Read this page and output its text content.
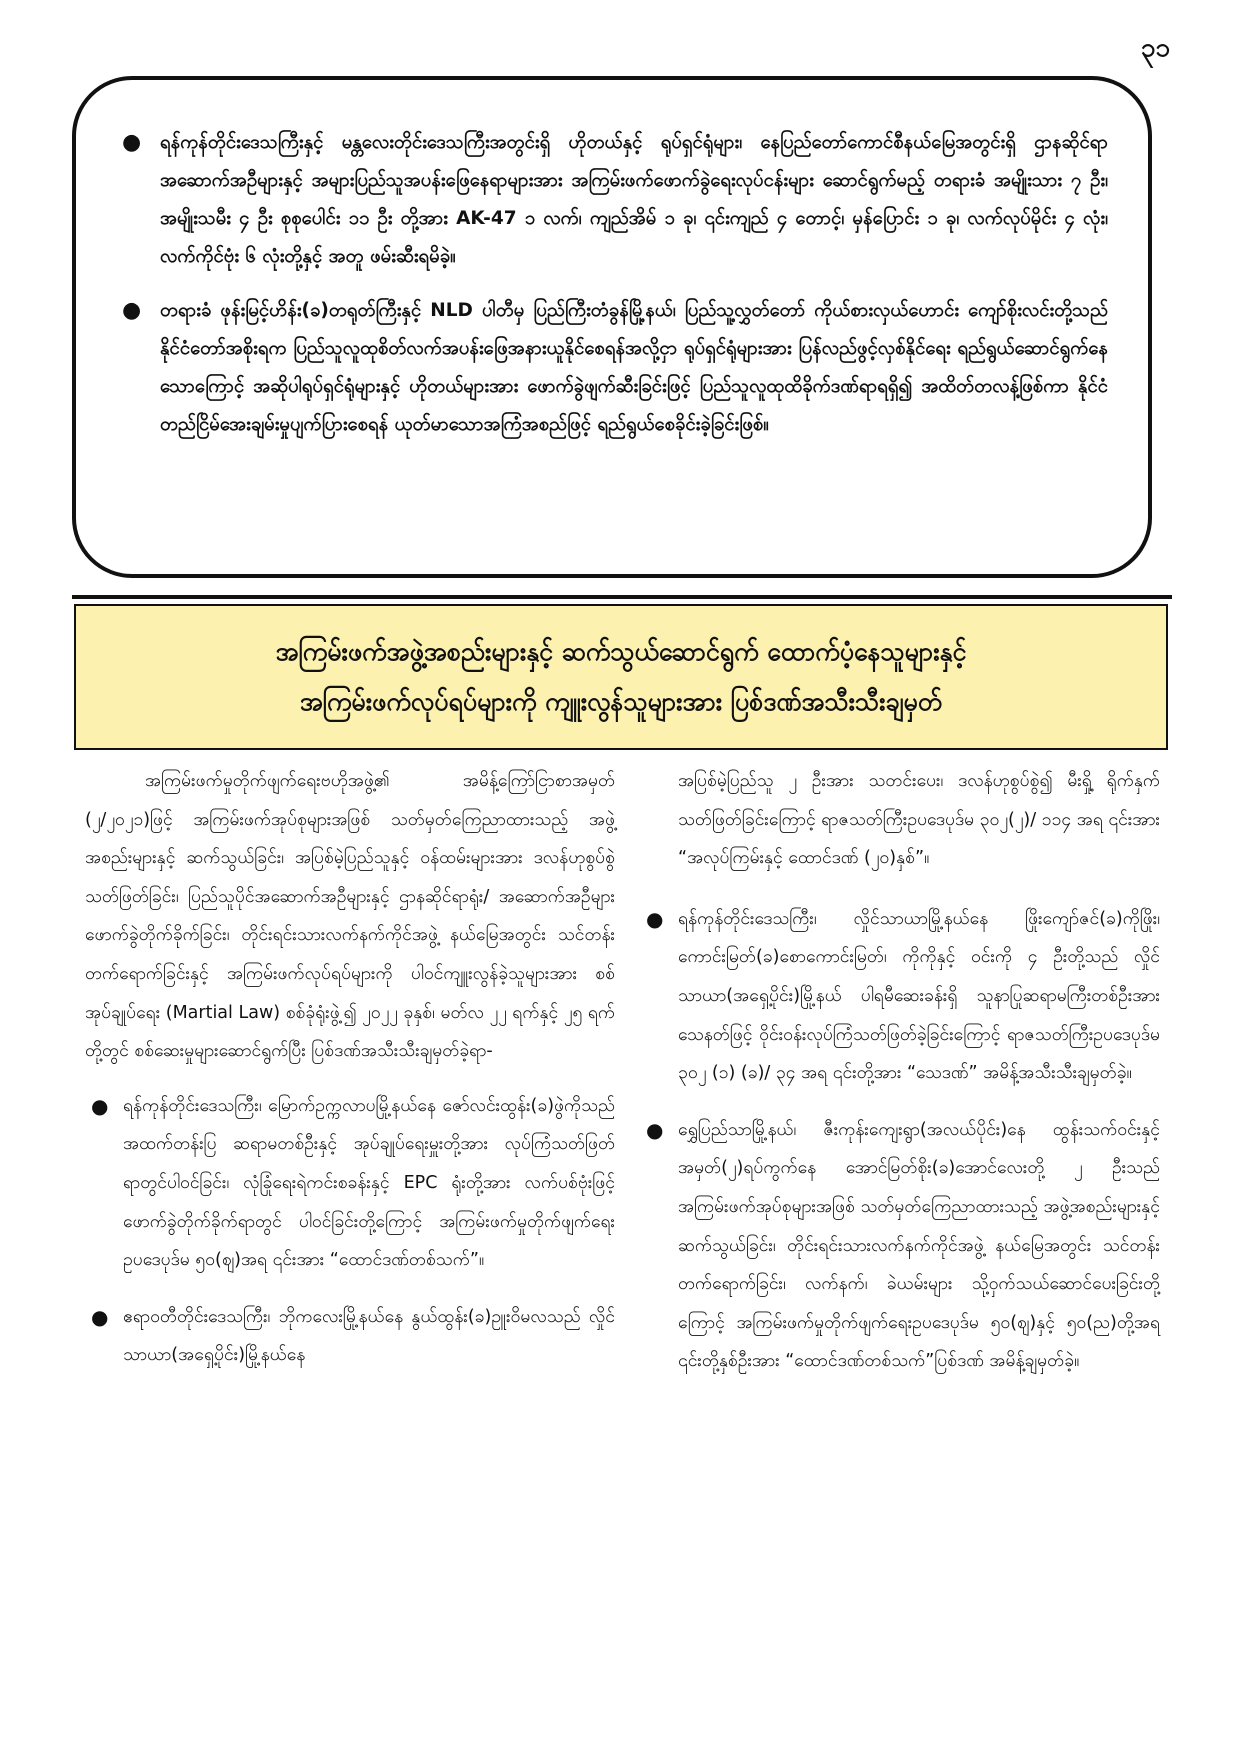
၃၁
● ရန်ကုန်တိုင်းဒေသကြီးနှင့် မန္တလေးတိုင်းဒေသကြီးအတွင်းရှိ ဟိုတယ်နှင့် ရုပ်ရှင်ရုံများ၊ နေပြည်တော်ကောင်စီနယ်မြေအတွင်းရှိ ဌာနဆိုင်ရာ အဆောက်အဦများနှင့် အများပြည်သူအပန်းဖြေနေရာများအား အကြမ်းဖက်ဖောက်ခွဲရေးလုပ်ငန်းများ ဆောင်ရွက်မည့် တရားခံ အမျိုးသား ၇ ဦး၊ အမျိုးသမီး ၄ ဦး စုစုပေါင်း ၁၁ ဦး တို့အား AK-47 ၁ လက်၊ ကျည်အိမ် ၁ ခု၊ ၎င်းကျည် ၄ တောင့်၊ မှန်ပြောင်း ၁ ခု၊ လက်လုပ်မိုင်း ၄ လုံး၊ လက်ကိုင်ဗုံး ၆ လုံးတို့နှင့် အတူ ဖမ်းဆီးရမိခဲ့။
● တရားခံ ဖုန်းမြင့်ဟိန်း(ခ)တရုတ်ကြီးနှင့် NLD ပါတီမှ ပြည်ကြီးတံခွန်မြို့နယ်၊ ပြည်သူ့လွှတ်တော် ကိုယ်စားလှယ်ဟောင်း ကျော်စိုးလင်းတို့သည် နိုင်ငံတော်အစိုးရက ပြည်သူလူထုစိတ်လက်အပန်းဖြေအနားယူနိုင်စေရန်အလို့ငှာ ရုပ်ရှင်ရုံများအား ပြန်လည်ဖွင့်လှစ်နိုင်ရေး ရည်ရွယ်ဆောင်ရွက်နေသောကြောင့် အဆိုပါရုပ်ရှင်ရုံများနှင့် ဟိုတယ်များအား ဖောက်ခွဲဖျက်ဆီးခြင်းဖြင့် ပြည်သူလူထုထိခိုက်ဒဏ်ရာရရှိ၍ အထိတ်တလန့်ဖြစ်ကာ နိုင်ငံတည်ငြိမ်အေးချမ်းမှုပျက်ပြားစေရန် ယုတ်မာသောအကြံအစည်ဖြင့် ရည်ရွယ်စေခိုင်းခဲ့ခြင်းဖြစ်။
အကြမ်းဖက်အဖွဲ့အစည်းများနှင့် ဆက်သွယ်ဆောင်ရွက် ထောက်ပံ့နေသူများနှင့်
အကြမ်းဖက်လုပ်ရပ်များကို ကျူးလွန်သူများအား ပြစ်ဒဏ်အသီးသီးချမှတ်

အကြမ်းဖက်မှုတိုက်ဖျက်ရေးဗဟိုအဖွဲ့၏ အမိန့်ကြော်ငြာစာအမှတ် (၂/၂၀၂၁)ဖြင့် အကြမ်းဖက်အုပ်စုများအဖြစ် သတ်မှတ်ကြေညာထားသည့် အဖွဲ့အစည်းများနှင့် ဆက်သွယ်ခြင်း၊ အပြစ်မဲ့ပြည်သူနှင့် ဝန်ထမ်းများအား ဒလန်ဟုစွပ်စွဲသတ်ဖြတ်ခြင်း၊ ပြည်သူပိုင်အဆောက်အဦများနှင့် ဌာနဆိုင်ရာရုံး/ အဆောက်အဦများ ဖောက်ခွဲတိုက်ခိုက်ခြင်း၊ တိုင်းရင်းသားလက်နက်ကိုင်အဖွဲ့ နယ်မြေအတွင်း သင်တန်းတက်ရောက်ခြင်းနှင့် အကြမ်းဖက်လုပ်ရပ်များကို ပါဝင်ကျူးလွန်ခဲ့သူများအား စစ်အုပ်ချုပ်ရေး (Martial Law) စစ်ခုံရုံးဖွဲ့၍ ၂၀၂၂ ခုနှစ်၊ မတ်လ ၂၂ ရက်နှင့် ၂၅ ရက်တို့တွင် စစ်ဆေးမှုများဆောင်ရွက်ပြီး ပြစ်ဒဏ်အသီးသီးချမှတ်ခဲ့ရာ-

● ရန်ကုန်တိုင်းဒေသကြီး၊ မြောက်ဥက္ကလာပမြို့နယ်နေ ဇော်လင်းထွန်း(ခ)ဖွဲကိုသည် အထက်တန်းပြ ဆရာမတစ်ဦးနှင့် အုပ်ချုပ်ရေးမှူးတို့အား လုပ်ကြံသတ်ဖြတ်ရာတွင်ပါဝင်ခြင်း၊ လုံခြုံရေးရဲကင်းစခန်းနှင့် EPC ရုံးတို့အား လက်ပစ်ဗုံးဖြင့် ဖောက်ခွဲတိုက်ခိုက်ရာတွင် ပါဝင်ခြင်းတို့ကြောင့် အကြမ်းဖက်မှုတိုက်ဖျက်ရေး ဥပဒေပုဒ်မ ၅၀(ဈ)အရ ၎င်းအား “ထောင်ဒဏ်တစ်သက်”။
● ဧရာဝတီတိုင်းဒေသကြီး၊ ဘိုကလေးမြို့နယ်နေ နွယ်ထွန်း(ခ)ဥူးဝိမလသည် လှိုင်သာယာ(အရှေ့ပိုင်း)မြို့နယ်နေ

အပြစ်မဲ့ပြည်သူ ၂ ဦးအား သတင်းပေး၊ ဒလန်ဟုစွပ်စွဲ၍ မီးရှို့ ရိုက်နှက်သတ်ဖြတ်ခြင်းကြောင့် ရာဇသတ်ကြီးဥပဒေပုဒ်မ ၃၀၂(၂)/ ၁၁၄ အရ ၎င်းအား “အလုပ်ကြမ်းနှင့် ထောင်ဒဏ် (၂၀)နှစ်”။

● ရန်ကုန်တိုင်းဒေသကြီး၊ လှိုင်သာယာမြို့နယ်နေ ဖြိုးကျော်ဇင်(ခ)ကိုဖြိုး၊ ကောင်းမြတ်(ခ)စောကောင်းမြတ်၊ ကိုကိုနှင့် ဝင်းကို ၄ ဦးတို့သည် လှိုင်သာယာ(အရှေ့ပိုင်း)မြို့နယ် ပါရမီဆေးခန်းရှိ သူနာပြုဆရာမကြီးတစ်ဦးအား သေနတ်ဖြင့် ဝိုင်းဝန်းလုပ်ကြံသတ်ဖြတ်ခဲ့ခြင်းကြောင့် ရာဇသတ်ကြီးဥပဒေပုဒ်မ ၃၀၂ (၁) (ခ)/ ၃၄ အရ ၎င်းတို့အား “သေဒဏ်” အမိန့်အသီးသီးချမှတ်ခဲ့။
● ရွှေပြည်သာမြို့နယ်၊ ဇီးကုန်းကျေးရွာ(အလယ်ပိုင်း)နေ ထွန်းသက်ဝင်းနှင့် အမှတ်(၂)ရပ်ကွက်နေ အောင်မြတ်စိုး(ခ)အောင်လေးတို့ ၂ ဦးသည် အကြမ်းဖက်အုပ်စုများအဖြစ် သတ်မှတ်ကြေညာထားသည့် အဖွဲ့အစည်းများနှင့် ဆက်သွယ်ခြင်း၊ တိုင်းရင်းသားလက်နက်ကိုင်အဖွဲ့ နယ်မြေအတွင်း သင်တန်းတက်ရောက်ခြင်း၊ လက်နက်၊ ခဲယမ်းများ သို့ဝှက်သယ်ဆောင်ပေးခြင်းတို့ကြောင့် အကြမ်းဖက်မှုတိုက်ဖျက်ရေးဥပဒေပုဒ်မ ၅၀(ဈ)နှင့် ၅၀(ည)တို့အရ ၎င်းတို့နှစ်ဦးအား “ထောင်ဒဏ်တစ်သက်”ပြစ်ဒဏ် အမိန့်ချမှတ်ခဲ့။
